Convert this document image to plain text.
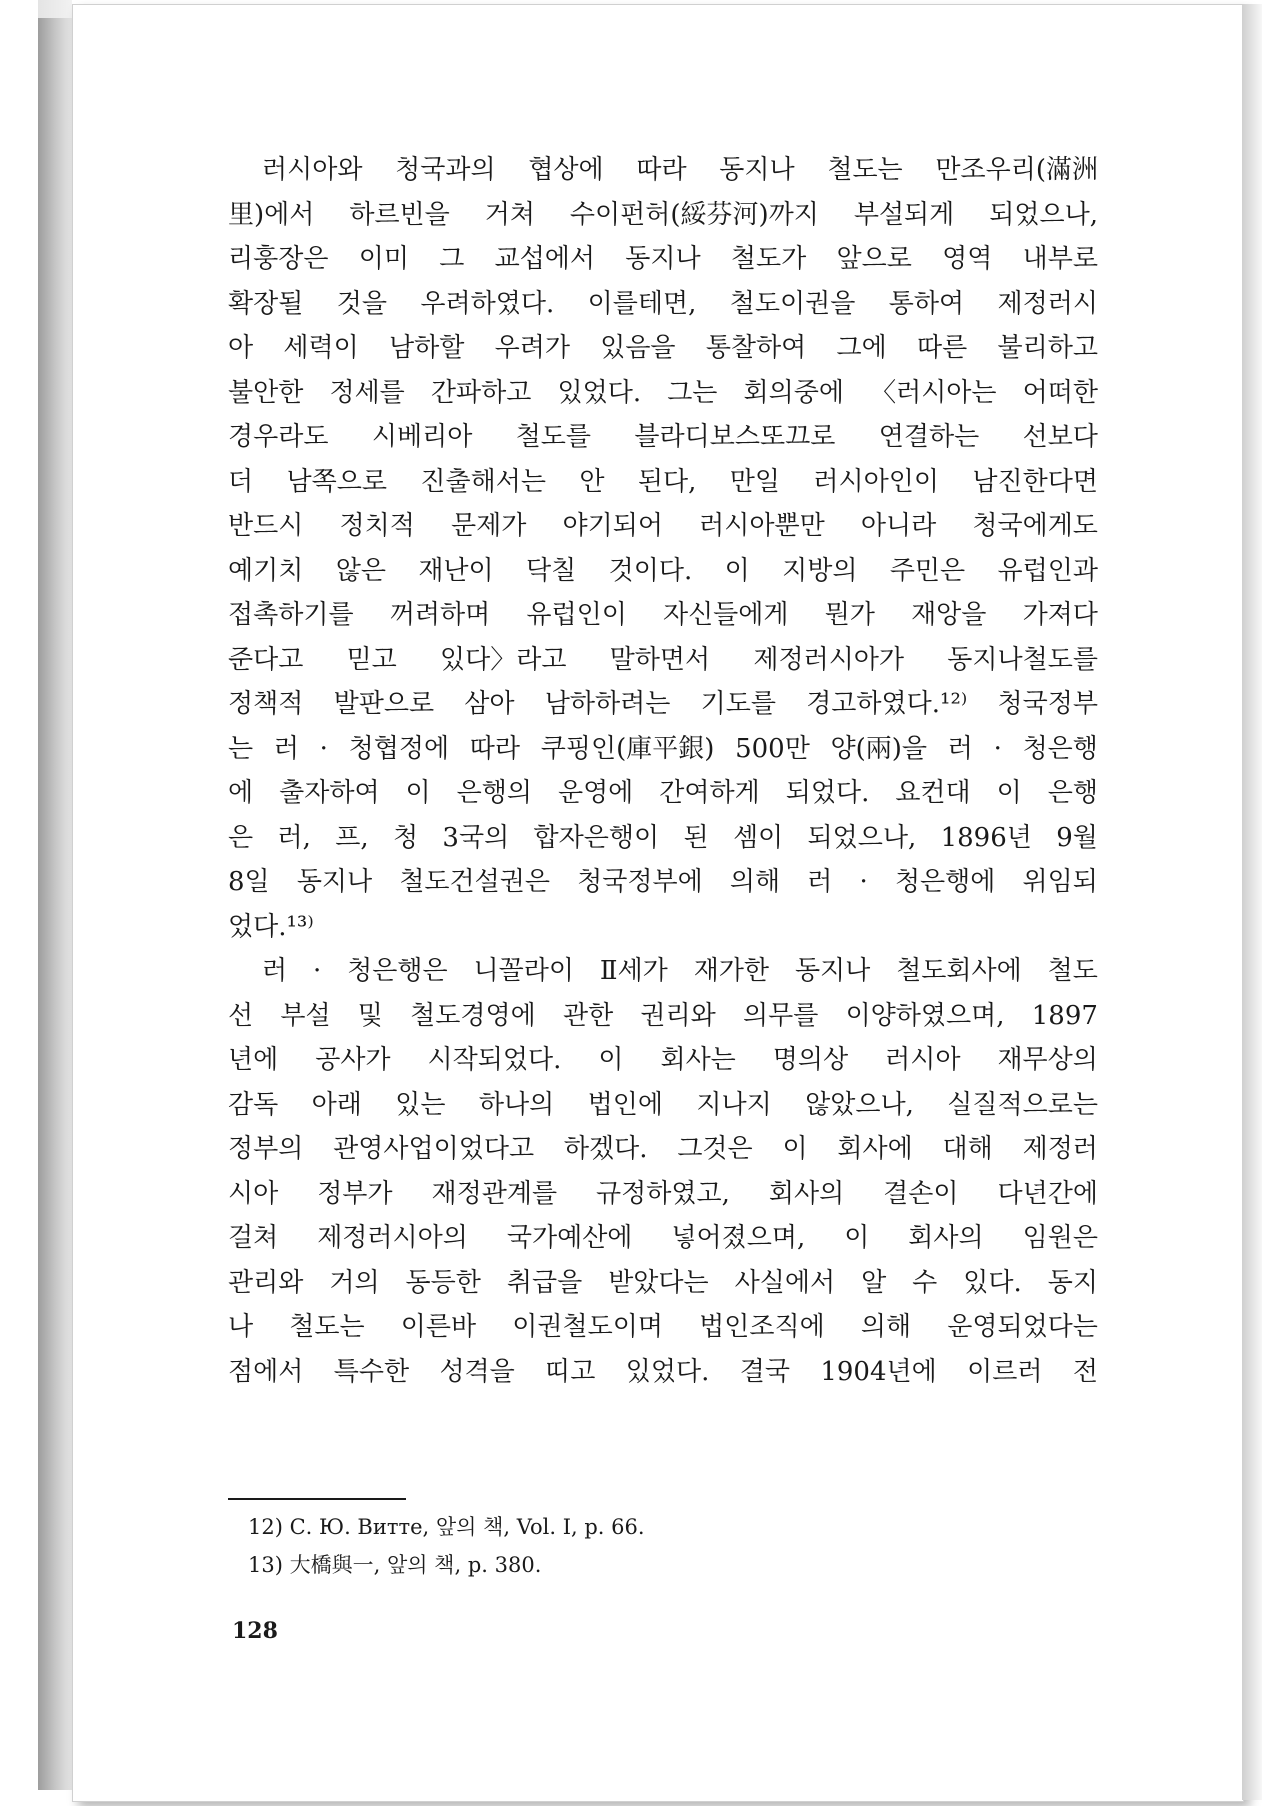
러시아와 청국과의 협상에 따라 동지나 철도는 만조우리(滿洲
里)에서 하르빈을 거쳐 수이펀허(綏芬河)까지 부설되게 되었으나,
리훙장은 이미 그 교섭에서 동지나 철도가 앞으로 영역 내부로
확장될 것을 우려하였다. 이를테면, 철도이권을 통하여 제정러시
아 세력이 남하할 우려가 있음을 통찰하여 그에 따른 불리하고
불안한 정세를 간파하고 있었다. 그는 회의중에 〈러시아는 어떠한
경우라도 시베리아 철도를 블라디보스또끄로 연결하는 선보다
더 남쪽으로 진출해서는 안 된다, 만일 러시아인이 남진한다면
반드시 정치적 문제가 야기되어 러시아뿐만 아니라 청국에게도
예기치 않은 재난이 닥칠 것이다. 이 지방의 주민은 유럽인과
접촉하기를 꺼려하며 유럽인이 자신들에게 뭔가 재앙을 가져다
준다고 믿고 있다〉라고 말하면서 제정러시아가 동지나철도를
정책적 발판으로 삼아 남하하려는 기도를 경고하였다.¹²⁾ 청국정부
는 러 · 청협정에 따라 쿠핑인(庫平銀) 500만 양(兩)을 러 · 청은행
에 출자하여 이 은행의 운영에 간여하게 되었다. 요컨대 이 은행
은 러, 프, 청 3국의 합자은행이 된 셈이 되었으나, 1896년 9월
8일 동지나 철도건설권은 청국정부에 의해 러 · 청은행에 위임되
었다.¹³⁾
러 · 청은행은 니꼴라이 Ⅱ세가 재가한 동지나 철도회사에 철도
선 부설 및 철도경영에 관한 권리와 의무를 이양하였으며, 1897
년에 공사가 시작되었다. 이 회사는 명의상 러시아 재무상의
감독 아래 있는 하나의 법인에 지나지 않았으나, 실질적으로는
정부의 관영사업이었다고 하겠다. 그것은 이 회사에 대해 제정러
시아 정부가 재정관계를 규정하였고, 회사의 결손이 다년간에
걸쳐 제정러시아의 국가예산에 넣어졌으며, 이 회사의 임원은
관리와 거의 동등한 취급을 받았다는 사실에서 알 수 있다. 동지
나 철도는 이른바 이권철도이며 법인조직에 의해 운영되었다는
점에서 특수한 성격을 띠고 있었다. 결국 1904년에 이르러 전
12) С. Ю. Витте, 앞의 책, Vol. I, p. 66.
13) 大橋與一, 앞의 책, p. 380.
128
